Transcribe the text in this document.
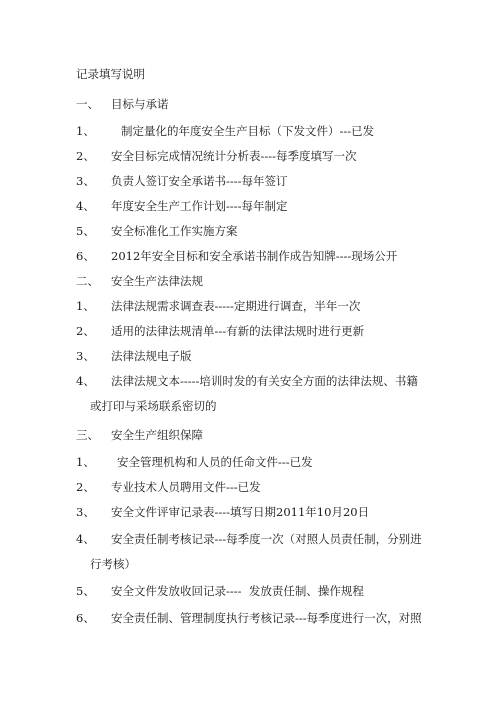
记录填写说明
一、 目标与承诺
1、 制定量化的年度安全生产目标（下发文件）---已发
2、 安全目标完成情况统计分析表----每季度填写一次
3、 负责人签订安全承诺书----每年签订
4、 年度安全生产工作计划----每年制定
5、 安全标准化工作实施方案
6、 2012年安全目标和安全承诺书制作成告知牌----现场公开
二、 安全生产法律法规
1、 法律法规需求调查表-----定期进行调查，半年一次
2、 适用的法律法规清单---有新的法律法规时进行更新
3、 法律法规电子版
4、 法律法规文本-----培训时发的有关安全方面的法律法规、书籍
或打印与采场联系密切的
三、 安全生产组织保障
1、 安全管理机构和人员的任命文件---已发
2、 专业技术人员聘用文件---已发
3、 安全文件评审记录表----填写日期2011年10月20日
4、 安全责任制考核记录---每季度一次（对照人员责任制，分别进
行考核）
5、 安全文件发放收回记录----  发放责任制、操作规程
6、 安全责任制、管理制度执行考核记录---每季度进行一次，对照
